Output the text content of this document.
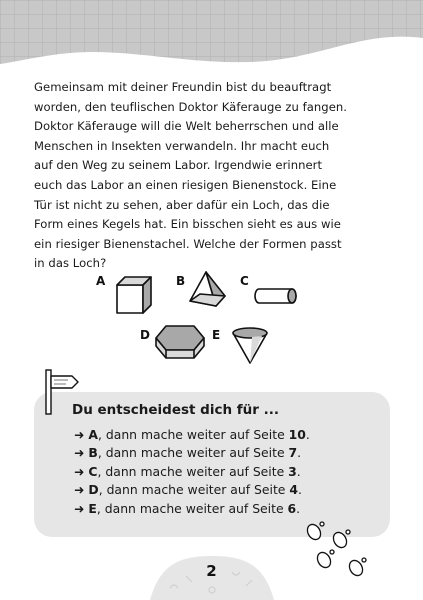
Gemeinsam mit deiner Freundin bist du beauftragt
worden, den teuflischen Doktor Käferauge zu fangen.
Doktor Käferauge will die Welt beherrschen und alle
Menschen in Insekten verwandeln. Ihr macht euch
auf den Weg zu seinem Labor. Irgendwie erinnert
euch das Labor an einen riesigen Bienenstock. Eine
Tür ist nicht zu sehen, aber dafür ein Loch, das die
Form eines Kegels hat. Ein bisschen sieht es aus wie
ein riesiger Bienenstachel. Welche der Formen passt
in das Loch?

A	B	C
D	E
Du entscheidest dich für ...
➜ A, dann mache weiter auf Seite 10.
➜ B, dann mache weiter auf Seite 7.
➜ C, dann mache weiter auf Seite 3.
➜ D, dann mache weiter auf Seite 4.
➜ E, dann mache weiter auf Seite 6.
2
